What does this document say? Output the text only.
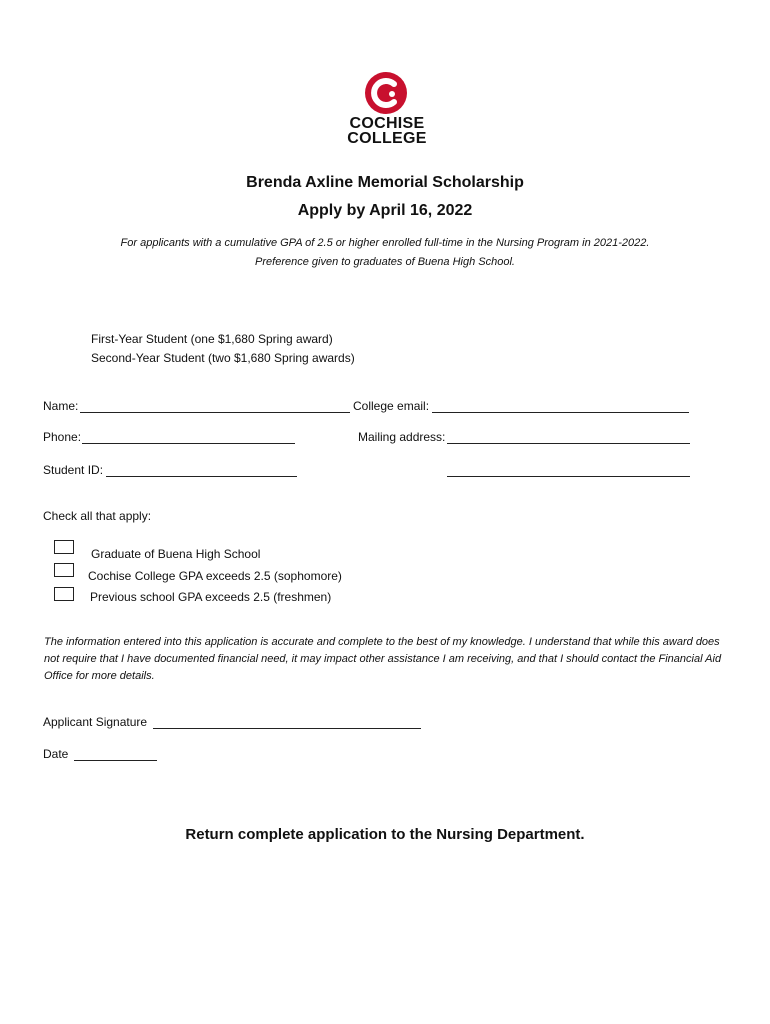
COCHISE
COLLEGE
Brenda Axline Memorial Scholarship
Apply by April 16, 2022
For applicants with a cumulative GPA of 2.5 or higher enrolled full-time in the Nursing Program in 2021-2022.
Preference given to graduates of Buena High School.
First-Year Student (one $1,680 Spring award)
Second-Year Student (two $1,680 Spring awards)
Name:	College email:
Phone:	Mailing address:
Student ID:
Check all that apply:
Graduate of Buena High School
Cochise College GPA exceeds 2.5 (sophomore)
Previous school GPA exceeds 2.5 (freshmen)
The information entered into this application is accurate and complete to the best of my knowledge. I understand that while this award does not require that I have documented financial need, it may impact other assistance I am receiving, and that I should contact the Financial Aid Office for more details.
Applicant Signature
Date
Return complete application to the Nursing Department.
